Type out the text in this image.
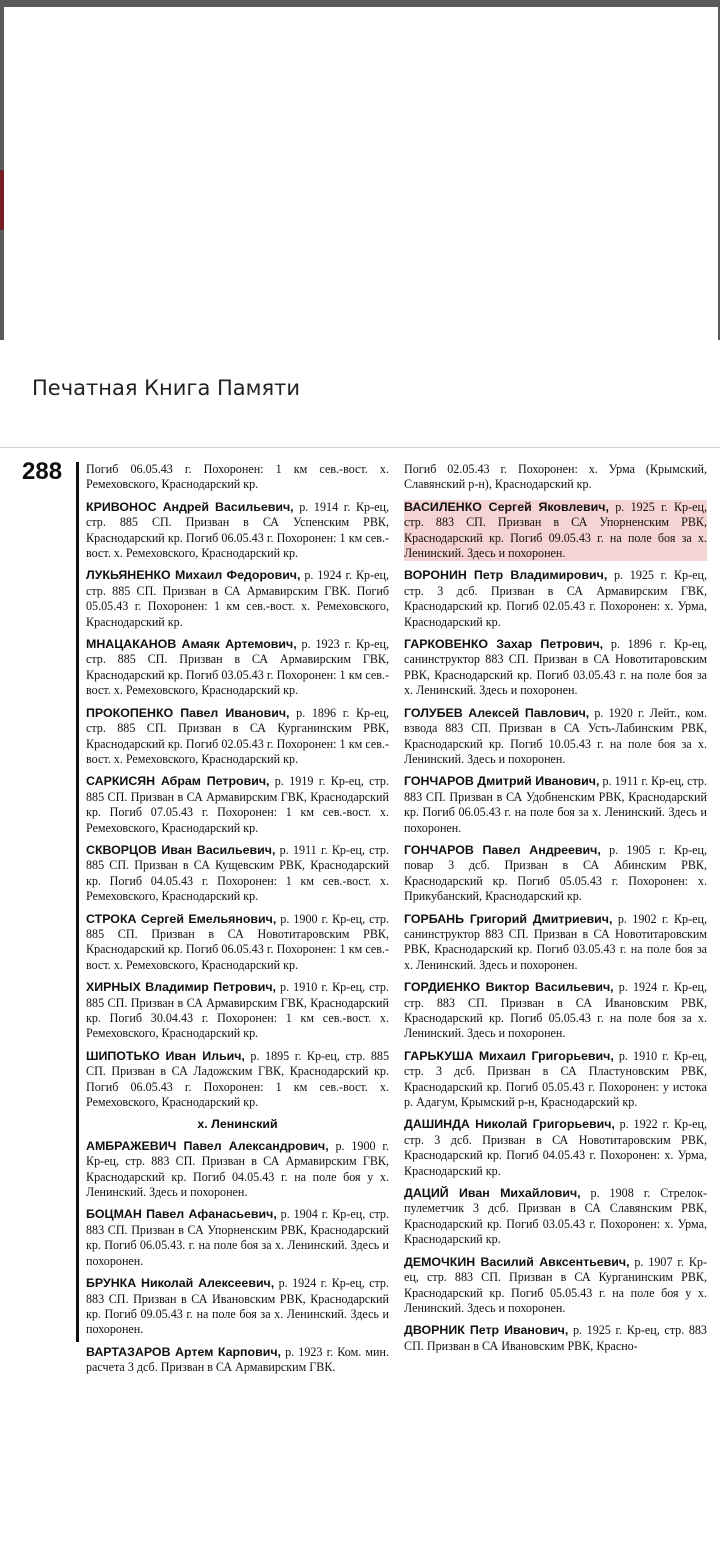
Печатная Книга Памяти
288 Погиб 06.05.43 г. Похоронен: 1 км сев.-вост. х. Ремеховского, Краснодарский кр.

КРИВОНОС Андрей Васильевич, р. 1914 г. Кр-ец, стр. 885 СП. Призван в СА Успенским РВК, Краснодарский кр. Погиб 06.05.43 г. Похоронен: 1 км сев.-вост. х. Ремеховского, Краснодарский кр.

ЛУКЬЯНЕНКО Михаил Федорович, р. 1924 г. Кр-ец, стр. 885 СП. Призван в СА Армавирским ГВК. Погиб 05.05.43 г. Похоронен: 1 км сев.-вост. х. Ремеховского, Краснодарский кр.

МНАЦАКАНОВ Амаяк Артемович, р. 1923 г. Кр-ец, стр. 885 СП. Призван в СА Армавирским ГВК, Краснодарский кр. Погиб 03.05.43 г. Похоронен: 1 км сев.-вост. х. Ремеховского, Краснодарский кр.

ПРОКОПЕНКО Павел Иванович, р. 1896 г. Кр-ец, стр. 885 СП. Призван в СА Курганинским РВК, Краснодарский кр. Погиб 02.05.43 г. Похоронен: 1 км сев.-вост. х. Ремеховского, Краснодарский кр.

САРКИСЯН Абрам Петрович, р. 1919 г. Кр-ец, стр. 885 СП. Призван в СА Армавирским ГВК, Краснодарский кр. Погиб 07.05.43 г. Похоронен: 1 км сев.-вост. х. Ремеховского, Краснодарский кр.

СКВОРЦОВ Иван Васильевич, р. 1911 г. Кр-ец, стр. 885 СП. Призван в СА Кущевским РВК, Краснодарский кр. Погиб 04.05.43 г. Похоронен: 1 км сев.-вост. х. Ремеховского, Краснодарский кр.

СТРОКА Сергей Емельянович, р. 1900 г. Кр-ец, стр. 885 СП. Призван в СА Новотитаровским РВК, Краснодарский кр. Погиб 06.05.43 г. Похоронен: 1 км сев.-вост. х. Ремеховского, Краснодарский кр.

ХИРНЫХ Владимир Петрович, р. 1910 г. Кр-ец, стр. 885 СП. Призван в СА Армавирским ГВК, Краснодарский кр. Погиб 30.04.43 г. Похоронен: 1 км сев.-вост. х. Ремеховского, Краснодарский кр.

ШИПОТЬКО Иван Ильич, р. 1895 г. Кр-ец, стр. 885 СП. Призван в СА Ладожским ГВК, Краснодарский кр. Погиб 06.05.43 г. Похоронен: 1 км сев.-вост. х. Ремеховского, Краснодарский кр.

х. Ленинский

АМБРАЖЕВИЧ Павел Александрович, р. 1900 г. Кр-ец, стр. 883 СП. Призван в СА Армавирским ГВК, Краснодарский кр. Погиб 04.05.43 г. на поле боя у х. Ленинский. Здесь и похоронен.

БОЦМАН Павел Афанасьевич, р. 1904 г. Кр-ец, стр. 883 СП. Призван в СА Упорненским РВК, Краснодарский кр. Погиб 06.05.43. г. на поле боя за х. Ленинский. Здесь и похоронен.

БРУНКА Николай Алексеевич, р. 1924 г. Кр-ец, стр. 883 СП. Призван в СА Ивановским РВК, Краснодарский кр. Погиб 09.05.43 г. на поле боя за х. Ленинский. Здесь и похоронен.

ВАРТАЗАРОВ Артем Карпович, р. 1923 г. Ком. мин. расчета 3 дсб. Призван в СА Армавирским ГВК.

Погиб 02.05.43 г. Похоронен: х. Урма (Крымский, Славянский р-н), Краснодарский кр.

ВАСИЛЕНКО Сергей Яковлевич, р. 1925 г. Кр-ец, стр. 883 СП. Призван в СА Упорненским РВК, Краснодарский кр. Погиб 09.05.43 г. на поле боя за х. Ленинский. Здесь и похоронен.

ВОРОНИН Петр Владимирович, р. 1925 г. Кр-ец, стр. 3 дсб. Призван в СА Армавирским ГВК, Краснодарский кр. Погиб 02.05.43 г. Похоронен: х. Урма, Краснодарский кр.

ГАРКОВЕНКО Захар Петрович, р. 1896 г. Кр-ец, санинструктор 883 СП. Призван в СА Новотитаровским РВК, Краснодарский кр. Погиб 03.05.43 г. на поле боя за х. Ленинский. Здесь и похоронен.

ГОЛУБЕВ Алексей Павлович, р. 1920 г. Лейт., ком. взвода 883 СП. Призван в СА Усть-Лабинским РВК, Краснодарский кр. Погиб 10.05.43 г. на поле боя за х. Ленинский. Здесь и похоронен.

ГОНЧАРОВ Дмитрий Иванович, р. 1911 г. Кр-ец, стр. 883 СП. Призван в СА Удобненским РВК, Краснодарский кр. Погиб 06.05.43 г. на поле боя за х. Ленинский. Здесь и похоронен.

ГОНЧАРОВ Павел Андреевич, р. 1905 г. Кр-ец, повар 3 дсб. Призван в СА Абинским РВК, Краснодарский кр. Погиб 05.05.43 г. Похоронен: х. Прикубанский, Краснодарский кр.

ГОРБАНЬ Григорий Дмитриевич, р. 1902 г. Кр-ец, санинструктор 883 СП. Призван в СА Новотитаровским РВК, Краснодарский кр. Погиб 03.05.43 г. на поле боя за х. Ленинский. Здесь и похоронен.

ГОРДИЕНКО Виктор Васильевич, р. 1924 г. Кр-ец, стр. 883 СП. Призван в СА Ивановским РВК, Краснодарский кр. Погиб 05.05.43 г. на поле боя за х. Ленинский. Здесь и похоронен.

ГАРЬКУША Михаил Григорьевич, р. 1910 г. Кр-ец, стр. 3 дсб. Призван в СА Пластуновским РВК, Краснодарский кр. Погиб 05.05.43 г. Похоронен: у истока р. Адагум, Крымский р-н, Краснодарский кр.

ДАШИНДА Николай Григорьевич, р. 1922 г. Кр-ец, стр. 3 дсб. Призван в СА Новотитаровским РВК, Краснодарский кр. Погиб 04.05.43 г. Похоронен: х. Урма, Краснодарский кр.

ДАЦИЙ Иван Михайлович, р. 1908 г. Стрелок-пулеметчик 3 дсб. Призван в СА Славянским РВК, Краснодарский кр. Погиб 03.05.43 г. Похоронен: х. Урма, Краснодарский кр.

ДЕМОЧКИН Василий Авксентьевич, р. 1907 г. Кр-ец, стр. 883 СП. Призван в СА Курганинским РВК, Краснодарский кр. Погиб 05.05.43 г. на поле боя у х. Ленинский. Здесь и похоронен.

ДВОРНИК Петр Иванович, р. 1925 г. Кр-ец, стр. 883 СП. Призван в СА Ивановским РВК, Красно-
